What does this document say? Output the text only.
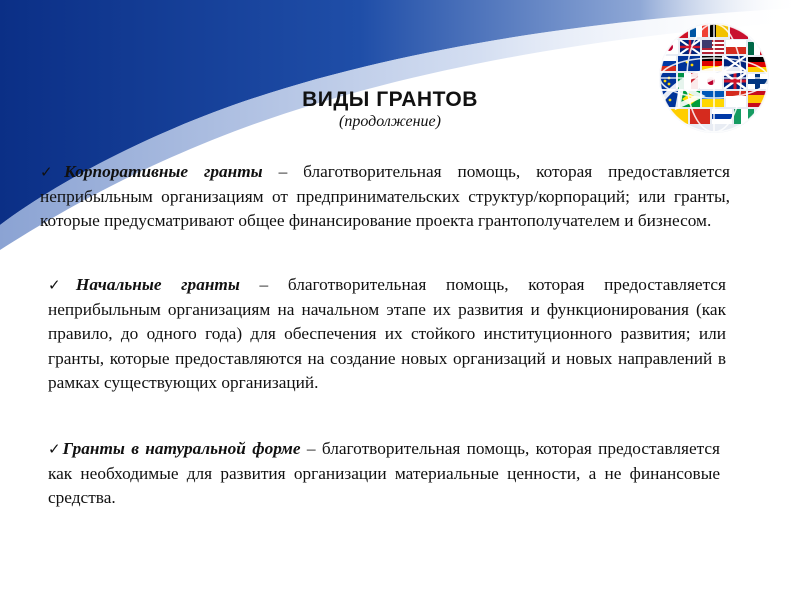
ВИДЫ ГРАНТОВ
(продолжение)
✓Корпоративные гранты – благотворительная помощь, которая предоставляется неприбыльным организациям от предпринимательских структур/корпораций; или гранты, которые предусматривают общее финансирование проекта грантополучателем и бизнесом.
✓Начальные гранты – благотворительная помощь, которая предоставляется неприбыльным организациям на начальном этапе их развития и функционирования (как правило, до одного года) для обеспечения их стойкого институционного развития; или гранты, которые предоставляются на создание новых организаций и новых направлений в рамках существующих организаций.
✓Гранты в натуральной форме – благотворительная помощь, которая предоставляется как необходимые для развития организации материальные ценности, а не финансовые средства.
